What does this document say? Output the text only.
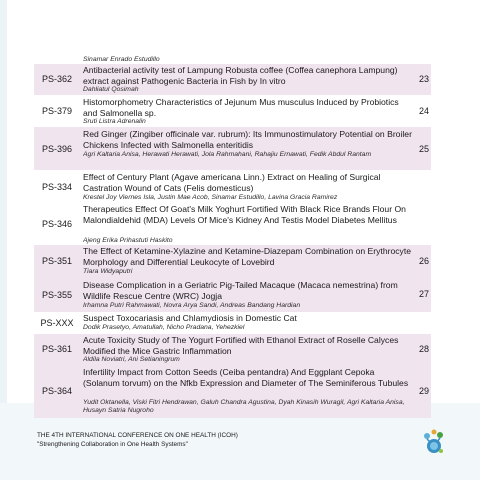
Sinamar Enrado Estudillo
PS-362
Antibacterial activity test of Lampung Robusta coffee (Coffea canephora Lampung) extract against Pathogenic Bacteria in Fish by In vitro
Dahliatul Qosimah
23
PS-379
Histomorphometry Characteristics of Jejunum Mus musculus Induced by Probiotics and Salmonella sp.
Sruti Listra Adrenalin
24
PS-396
Red Ginger (Zingiber officinale var. rubrum): Its Immunostimulatory Potential on Broiler Chickens Infected with Salmonella enteritidis
Agri Kaltaria Anisa, Herawati Herawati, Jola Rahmahani, Rahajiu Ernawati, Fedik Abdul Rantam
25
PS-334
Effect of Century Plant (Agave americana Linn.) Extract on Healing of Surgical Castration Wound of Cats (Felis domesticus)
Krestel Joy Viernes Isla, Justin Mae Acob, Sinamar Estudillo, Lavina Gracia Ramirez
PS-346
Therapeutics Effect Of Goat's Milk Yoghurt Fortified With Black Rice Brands Flour On Malondialdehid (MDA) Levels Of Mice's Kidney And Testis Model Diabetes Mellitus
Ajeng Erika Prihastuti Haskito
PS-351
The Effect of Ketamine-Xylazine and Ketamine-Diazepam Combination on Erythrocyte Morphology and Differential Leukocyte of Lovebird
Tiara Widyaputri
26
PS-355
Disease Complication in a Geriatric Pig-Tailed Macaque (Macaca nemestrina) from Wildlife Rescue Centre (WRC) Jogja
Irhamna Putri Rahmawati, Novra Arya Sandi, Andreas Bandang Hardian
27
PS-XXX	Suspect Toxocariasis and Chlamydiosis in Domestic Cat
Dodik Prasetyo, Amatullah, Nicho Pradana, Yehezkiel
PS-361
Acute Toxicity Study of The Yogurt Fortified with Ethanol Extract of Roselle Calyces Modified the Mice Gastric Inflammation
Aldila Noviatri, Ani Setianingrum
28
PS-364
Infertility Impact from Cotton Seeds (Ceiba pentandra) And Eggplant Cepoka (Solanum torvum) on the Nfkb Expression and Diameter of The Seminiferous Tubules
Yudit Oktanella, Viski Fitri Hendrawan, Galuh Chandra Agustina, Dyah Kinasih Wuragil, Agri Kaltaria Anisa, Husayn Satria Nugroho
29
THE 4TH INTERNATIONAL CONFERENCE ON ONE HEALTH (ICOH)
"Strengthening Collaboration in One Health Systems"
